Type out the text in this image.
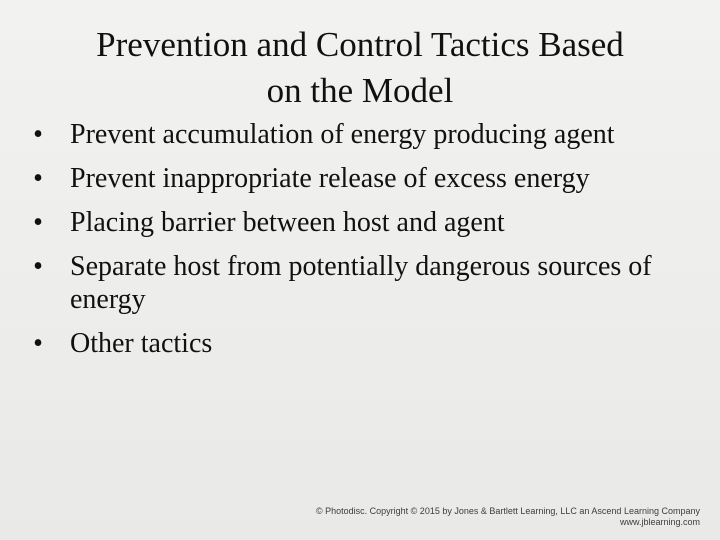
Prevention and Control Tactics Based
on the Model
• Prevent accumulation of energy producing agent
• Prevent inappropriate release of excess energy
• Placing barrier between host and agent
• Separate host from potentially dangerous sources of energy
• Other tactics
© Photodisc. Copyright © 2015 by Jones & Bartlett Learning, LLC an Ascend Learning Company
www.jblearning.com
